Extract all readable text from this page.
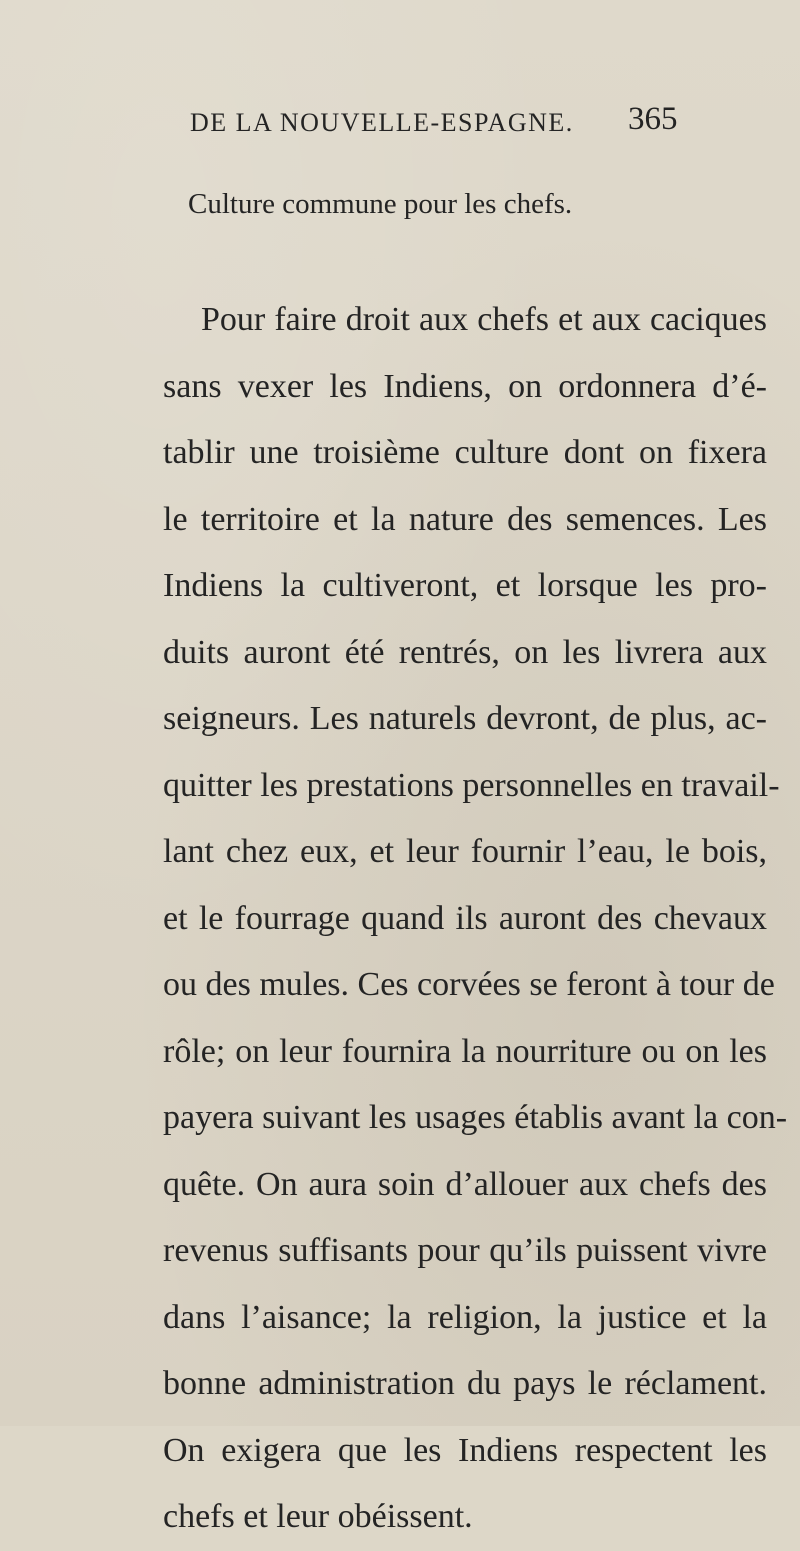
DE LA NOUVELLE-ESPAGNE. 365
Culture commune pour les chefs.
Pour faire droit aux chefs et aux caciques
sans vexer les Indiens, on ordonnera d’é-
tablir une troisième culture dont on fixera
le territoire et la nature des semences. Les
Indiens la cultiveront, et lorsque les pro-
duits auront été rentrés, on les livrera aux
seigneurs. Les naturels devront, de plus, ac-
quitter les prestations personnelles en travail-
lant chez eux, et leur fournir l’eau, le bois,
et le fourrage quand ils auront des chevaux
ou des mules. Ces corvées se feront à tour de
rôle; on leur fournira la nourriture ou on les
payera suivant les usages établis avant la con-
quête. On aura soin d’allouer aux chefs des
revenus suffisants pour qu’ils puissent vivre
dans l’aisance; la religion, la justice et la
bonne administration du pays le réclament.
On exigera que les Indiens respectent les
chefs et leur obéissent.
